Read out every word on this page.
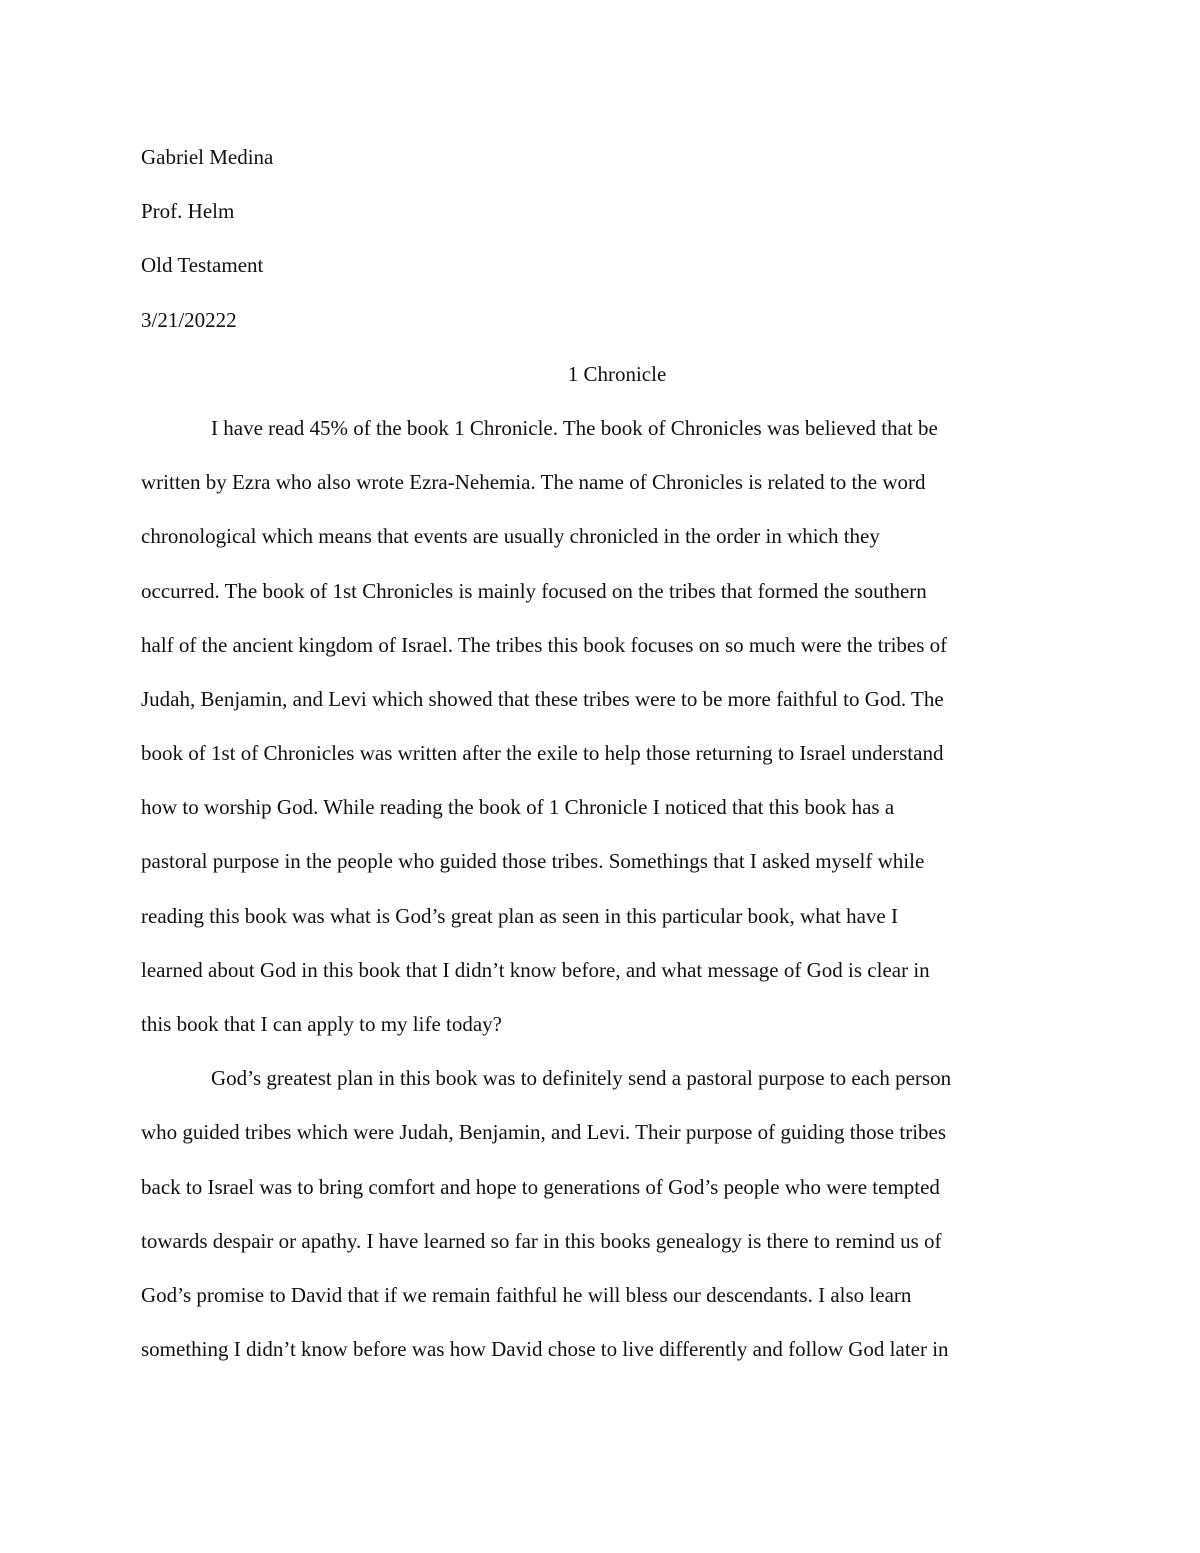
Gabriel Medina
Prof. Helm
Old Testament
3/21/20222
1 Chronicle
I have read 45% of the book 1 Chronicle. The book of Chronicles was believed that be
written by Ezra who also wrote Ezra-Nehemia. The name of Chronicles is related to the word
chronological which means that events are usually chronicled in the order in which they
occurred. The book of 1st Chronicles is mainly focused on the tribes that formed the southern
half of the ancient kingdom of Israel. The tribes this book focuses on so much were the tribes of
Judah, Benjamin, and Levi which showed that these tribes were to be more faithful to God. The
book of 1st of Chronicles was written after the exile to help those returning to Israel understand
how to worship God. While reading the book of 1 Chronicle I noticed that this book has a
pastoral purpose in the people who guided those tribes. Somethings that I asked myself while
reading this book was what is God’s great plan as seen in this particular book, what have I
learned about God in this book that I didn’t know before, and what message of God is clear in
this book that I can apply to my life today?
God’s greatest plan in this book was to definitely send a pastoral purpose to each person
who guided tribes which were Judah, Benjamin, and Levi. Their purpose of guiding those tribes
back to Israel was to bring comfort and hope to generations of God’s people who were tempted
towards despair or apathy. I have learned so far in this books genealogy is there to remind us of
God’s promise to David that if we remain faithful he will bless our descendants. I also learn
something I didn’t know before was how David chose to live differently and follow God later in
